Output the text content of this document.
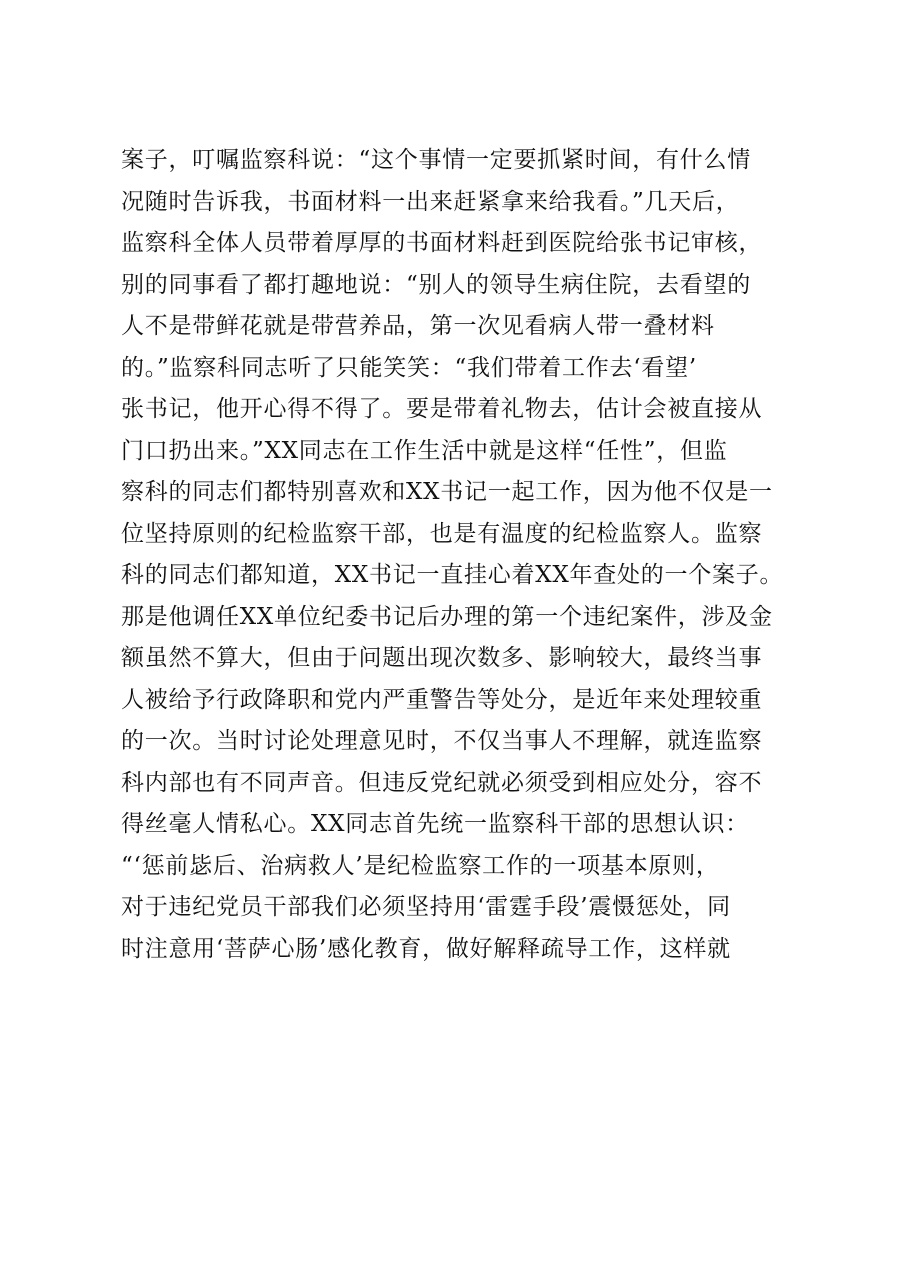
案子，叮嘱监察科说：“这个事情一定要抓紧时间，有什么情
况随时告诉我，书面材料一出来赶紧拿来给我看。”几天后，
监察科全体人员带着厚厚的书面材料赶到医院给张书记审核，
别的同事看了都打趣地说：“别人的领导生病住院，去看望的
人不是带鲜花就是带营养品，第一次见看病人带一叠材料
的。”监察科同志听了只能笑笑：“我们带着工作去‘看望’
张书记，他开心得不得了。要是带着礼物去，估计会被直接从
门口扔出来。”XX同志在工作生活中就是这样“任性”，但监
察科的同志们都特别喜欢和XX书记一起工作，因为他不仅是一
位坚持原则的纪检监察干部，也是有温度的纪检监察人。监察
科的同志们都知道，XX书记一直挂心着XX年查处的一个案子。
那是他调任XX单位纪委书记后办理的第一个违纪案件，涉及金
额虽然不算大，但由于问题出现次数多、影响较大，最终当事
人被给予行政降职和党内严重警告等处分，是近年来处理较重
的一次。当时讨论处理意见时，不仅当事人不理解，就连监察
科内部也有不同声音。但违反党纪就必须受到相应处分，容不
得丝毫人情私心。XX同志首先统一监察科干部的思想认识：
“‘惩前毖后、治病救人’是纪检监察工作的一项基本原则，
对于违纪党员干部我们必须坚持用‘雷霆手段’震慑惩处，同
时注意用‘菩萨心肠’感化教育，做好解释疏导工作，这样就
